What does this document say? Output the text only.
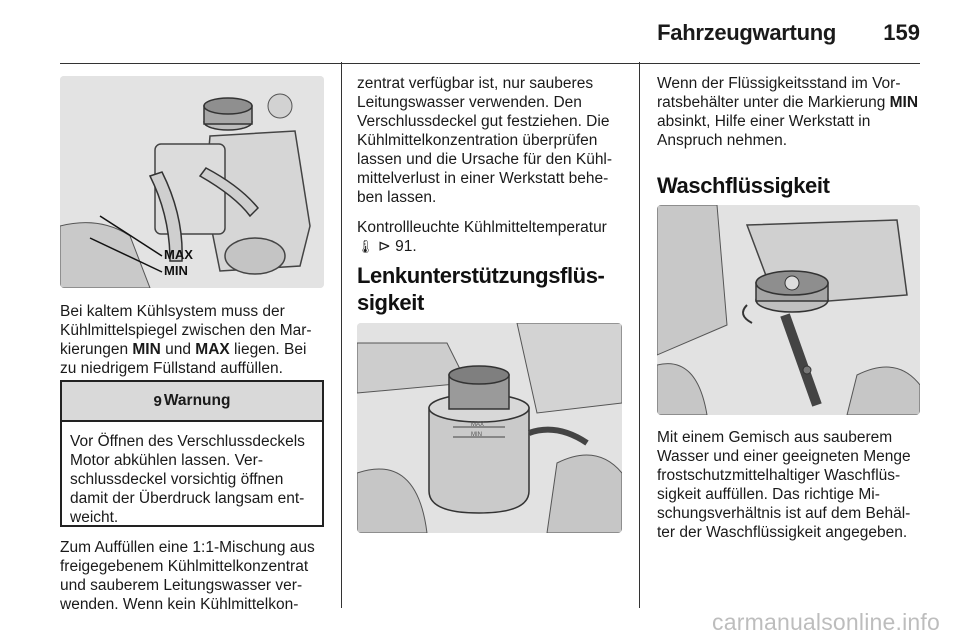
Fahrzeugwartung 159
MAX
MIN

Bei kaltem Kühlsystem muss der Kühlmittelspiegel zwischen den Markierungen MIN und MAX liegen. Bei zu niedrigem Füllstand auffüllen.

9 Warnung

Vor Öffnen des Verschlussdeckels Motor abkühlen lassen. Verschlussdeckel vorsichtig öffnen damit der Überdruck langsam entweicht.

Zum Auffüllen eine 1:1-Mischung aus freigegebenem Kühlmittelkonzentrat und sauberem Leitungswasser verwenden. Wenn kein Kühlmittelkon-

zentrat verfügbar ist, nur sauberes Leitungswasser verwenden. Den Verschlussdeckel gut festziehen. Die Kühlmittelkonzentration überprüfen lassen und die Ursache für den Kühlmittelverlust in einer Werkstatt beheben lassen.

Kontrollleuchte Kühlmitteltemperatur
🌡 ⊳ 91.

Lenkunterstützungsflüssigkeit
MAX
MIN

Wenn der Flüssigkeitsstand im Vorratsbehälter unter die Markierung MIN absinkt, Hilfe einer Werkstatt in Anspruch nehmen.

Waschflüssigkeit

Mit einem Gemisch aus sauberem Wasser und einer geeigneten Menge frostschutzmittelhaltiger Waschflüssigkeit auffüllen. Das richtige Mischungsverhältnis ist auf dem Behälter der Waschflüssigkeit angegeben.

carmanualsonline.info
